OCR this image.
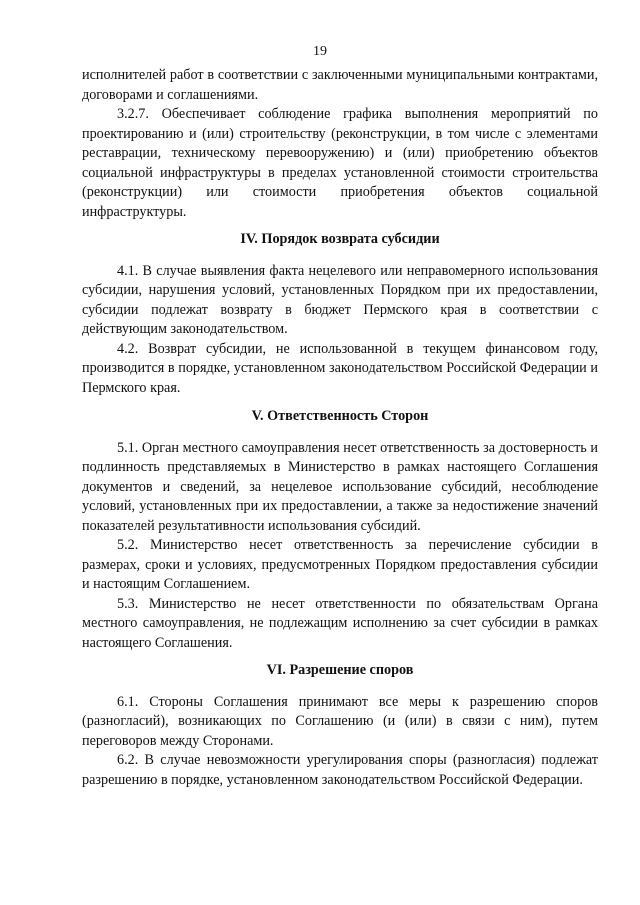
19

исполнителей работ в соответствии с заключенными муниципальными контрактами, договорами и соглашениями.

3.2.7. Обеспечивает соблюдение графика выполнения мероприятий по проектированию и (или) строительству (реконструкции, в том числе с элементами реставрации, техническому перевооружению) и (или) приобретению объектов социальной инфраструктуры в пределах установленной стоимости строительства (реконструкции) или стоимости приобретения объектов социальной инфраструктуры.

IV. Порядок возврата субсидии

4.1. В случае выявления факта нецелевого или неправомерного использования субсидии, нарушения условий, установленных Порядком при их предоставлении, субсидии подлежат возврату в бюджет Пермского края в соответствии с действующим законодательством.

4.2. Возврат субсидии, не использованной в текущем финансовом году, производится в порядке, установленном законодательством Российской Федерации и Пермского края.

V. Ответственность Сторон

5.1. Орган местного самоуправления несет ответственность за достоверность и подлинность представляемых в Министерство в рамках настоящего Соглашения документов и сведений, за нецелевое использование субсидий, несоблюдение условий, установленных при их предоставлении, а также за недостижение значений показателей результативности использования субсидий.

5.2. Министерство несет ответственность за перечисление субсидии в размерах, сроки и условиях, предусмотренных Порядком предоставления субсидии и настоящим Соглашением.

5.3. Министерство не несет ответственности по обязательствам Органа местного самоуправления, не подлежащим исполнению за счет субсидии в рамках настоящего Соглашения.

VI. Разрешение споров

6.1. Стороны Соглашения принимают все меры к разрешению споров (разногласий), возникающих по Соглашению (и (или) в связи с ним), путем переговоров между Сторонами.

6.2. В случае невозможности урегулирования споры (разногласия) подлежат разрешению в порядке, установленном законодательством Российской Федерации.
